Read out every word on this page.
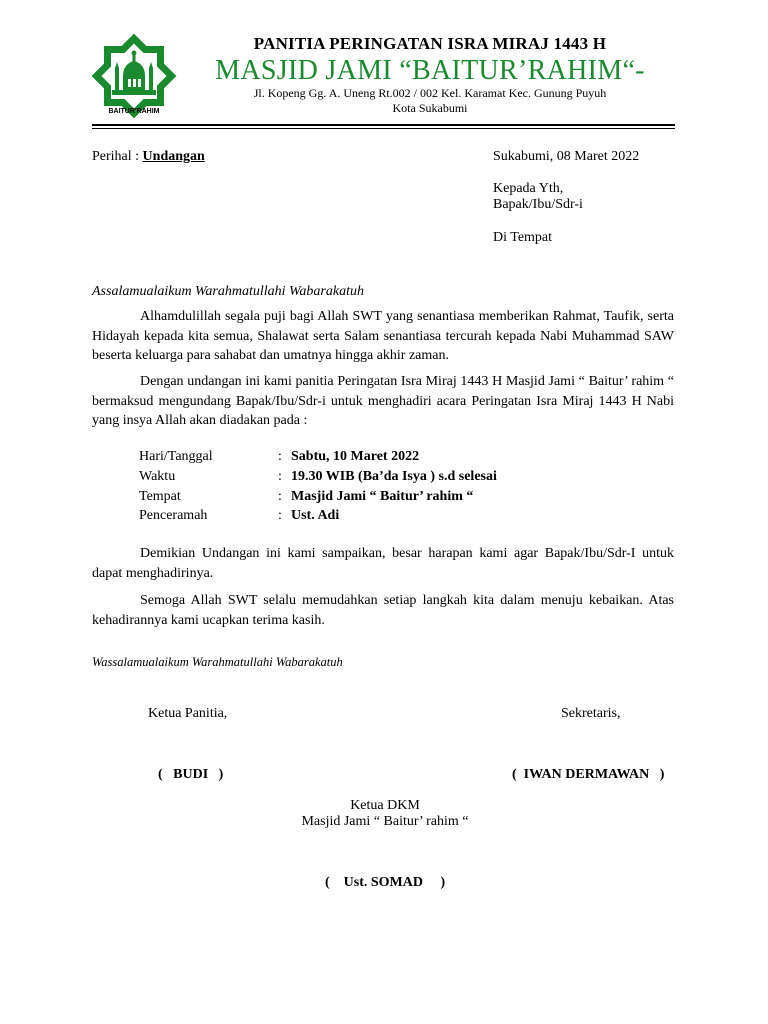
BAITUR'RAHIM
PANITIA PERINGATAN ISRA MIRAJ 1443 H
MASJID JAMI “BAITUR’RAHIM“-
Jl. Kopeng Gg. A. Uneng Rt.002 / 002 Kel. Karamat Kec. Gunung Puyuh
Kota Sukabumi
Perihal : Undangan	Sukabumi, 08 Maret 2022
Kepada Yth,
Bapak/Ibu/Sdr-i
Di Tempat
Assalamualaikum Warahmatullahi Wabarakatuh
Alhamdulillah segala puji bagi Allah SWT yang senantiasa memberikan Rahmat, Taufik, serta Hidayah kepada kita semua, Shalawat serta Salam senantiasa tercurah kepada Nabi Muhammad SAW beserta keluarga para sahabat dan umatnya hingga akhir zaman.
Dengan undangan ini kami panitia Peringatan Isra Miraj 1443 H Masjid Jami “ Baitur’ rahim “ bermaksud mengundang Bapak/Ibu/Sdr-i untuk menghadiri acara Peringatan Isra Miraj 1443 H Nabi yang insya Allah akan diadakan pada :
Hari/Tanggal	: Sabtu, 10 Maret 2022
Waktu	: 19.30 WIB (Ba’da Isya ) s.d selesai
Tempat	: Masjid Jami “ Baitur’ rahim “
Penceramah	: Ust. Adi
Demikian Undangan ini kami sampaikan, besar harapan kami agar Bapak/Ibu/Sdr-I untuk dapat menghadirinya.
Semoga Allah SWT selalu memudahkan setiap langkah kita dalam menuju kebaikan. Atas kehadirannya kami ucapkan terima kasih.
Wassalamualaikum Warahmatullahi Wabarakatuh
Ketua Panitia,	Sekretaris,
(   BUDI   )	(  IWAN DERMAWAN   )
Ketua DKM
Masjid Jami “ Baitur’ rahim “
(    Ust. SOMAD     )
